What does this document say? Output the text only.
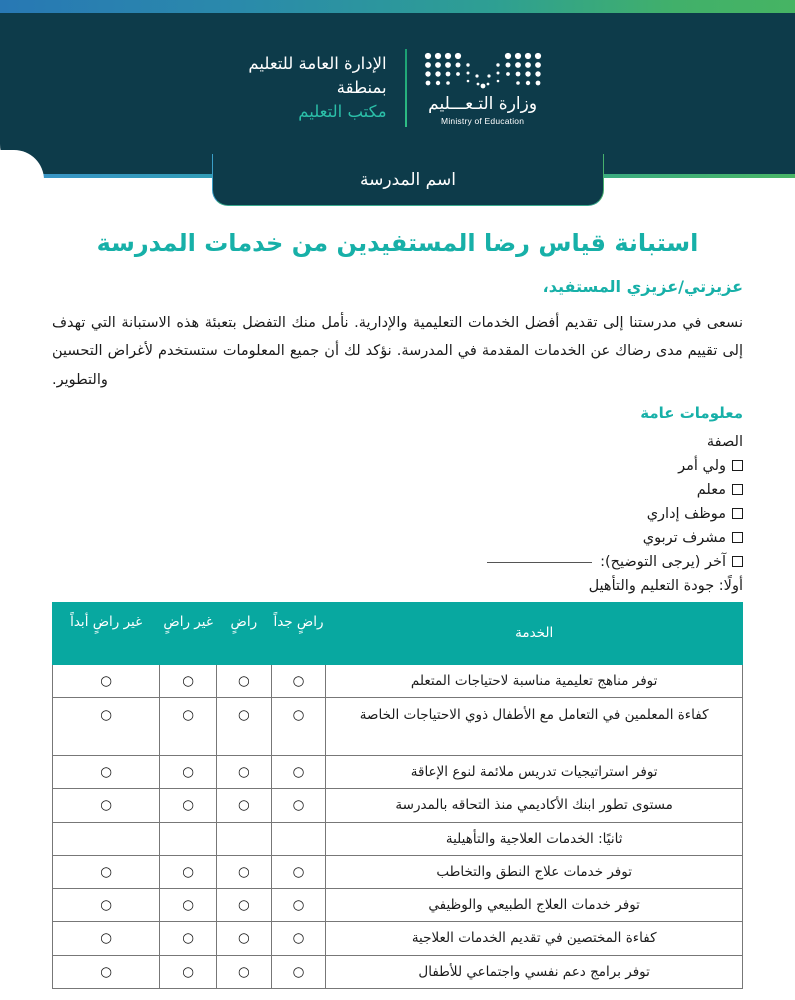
وزارة التـعـــليم
Ministry of Education
الإدارة العامة للتعليم
بمنطقة
مكتب التعليم
اسم المدرسة
استبانة قياس رضا المستفيدين من خدمات المدرسة
عزيزتي/عزيزي المستفيد،

نسعى في مدرستنا إلى تقديم أفضل الخدمات التعليمية والإدارية. نأمل منك التفضل بتعبئة هذه الاستبانة التي تهدف إلى تقييم مدى رضاك عن الخدمات المقدمة في المدرسة. نؤكد لك أن جميع المعلومات ستستخدم لأغراض التحسين والتطوير.

معلومات عامة
الصفة
ولي أمر
معلم
موظف إداري
مشرف تربوي
آخر (يرجى التوضيح):
أولًا: جودة التعليم والتأهيل
الخدمة	راضٍ جداً	راضٍ	غير راضٍ	غير راضٍ أبداً
توفر مناهج تعليمية مناسبة لاحتياجات المتعلم	○	○	○	○
كفاءة المعلمين في التعامل مع الأطفال ذوي الاحتياجات الخاصة	○	○	○	○
توفر استراتيجيات تدريس ملائمة لنوع الإعاقة	○	○	○	○
مستوى تطور ابنك الأكاديمي منذ التحاقه بالمدرسة	○	○	○	○
ثانيًا: الخدمات العلاجية والتأهيلية				
توفر خدمات علاج النطق والتخاطب	○	○	○	○
توفر خدمات العلاج الطبيعي والوظيفي	○	○	○	○
كفاءة المختصين في تقديم الخدمات العلاجية	○	○	○	○
توفر برامج دعم نفسي واجتماعي للأطفال	○	○	○	○
